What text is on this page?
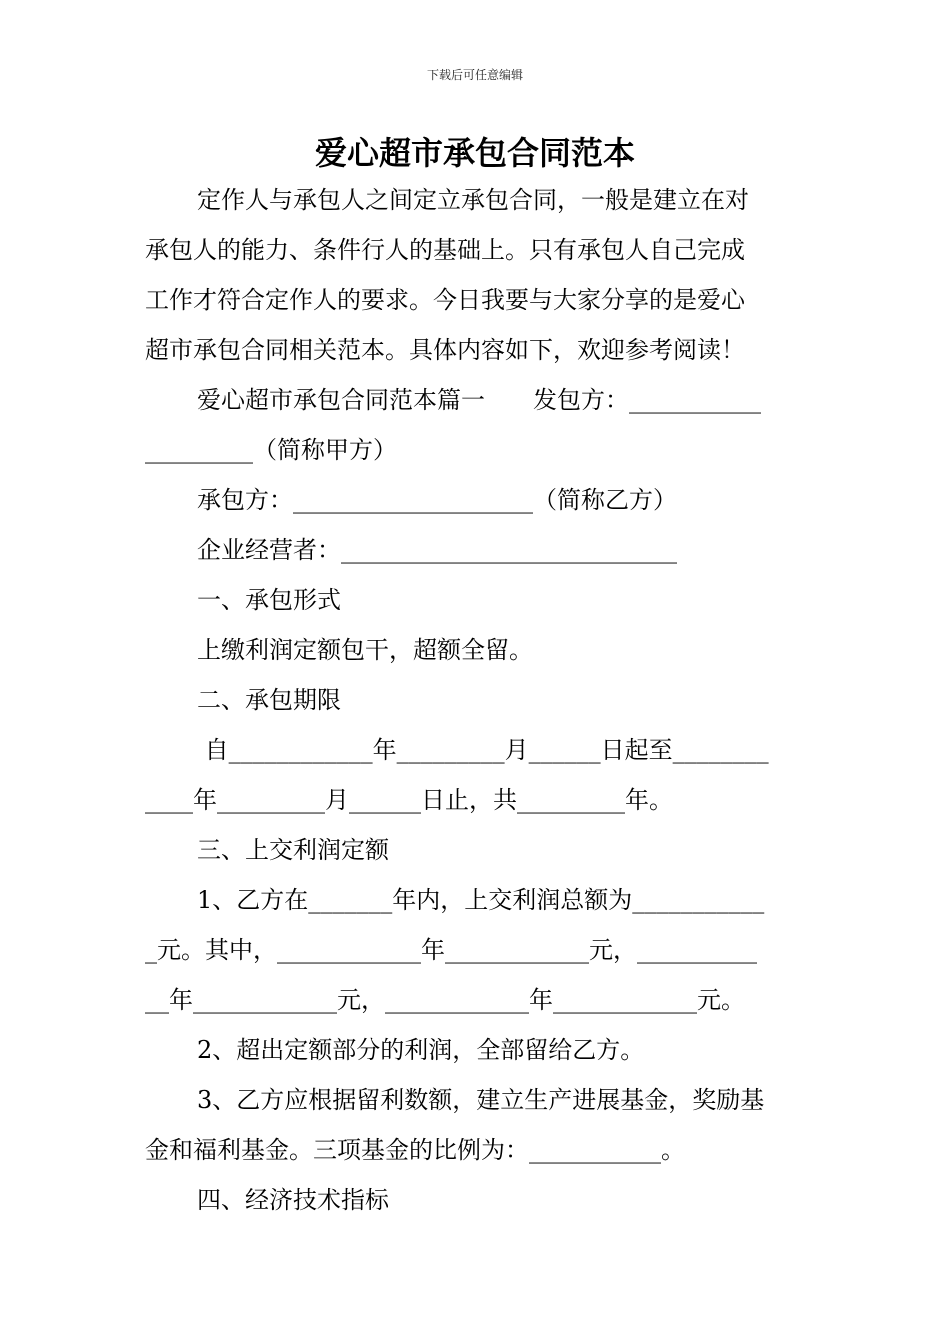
下载后可任意编辑
爱心超市承包合同范本

定作人与承包人之间定立承包合同，一般是建立在对

承包人的能力、条件行人的基础上。只有承包人自己完成

工作才符合定作人的要求。今日我要与大家分享的是爱心

超市承包合同相关范本。具体内容如下，欢迎参考阅读！

爱心超市承包合同范本篇一　　发包方：___________

_________（简称甲方）

承包方：____________________（简称乙方）

企业经营者：____________________________

一、承包形式

上缴利润定额包干，超额全留。

二、承包期限

自____________年_________月______日起至________

____年_________月______日止，共_________年。

三、上交利润定额

1、乙方在_______年内，上交利润总额为___________

_元。其中，____________年____________元，__________

__年____________元，____________年____________元。

2、超出定额部分的利润，全部留给乙方。

3、乙方应根据留利数额，建立生产进展基金，奖励基

金和福利基金。三项基金的比例为：___________。

四、经济技术指标
